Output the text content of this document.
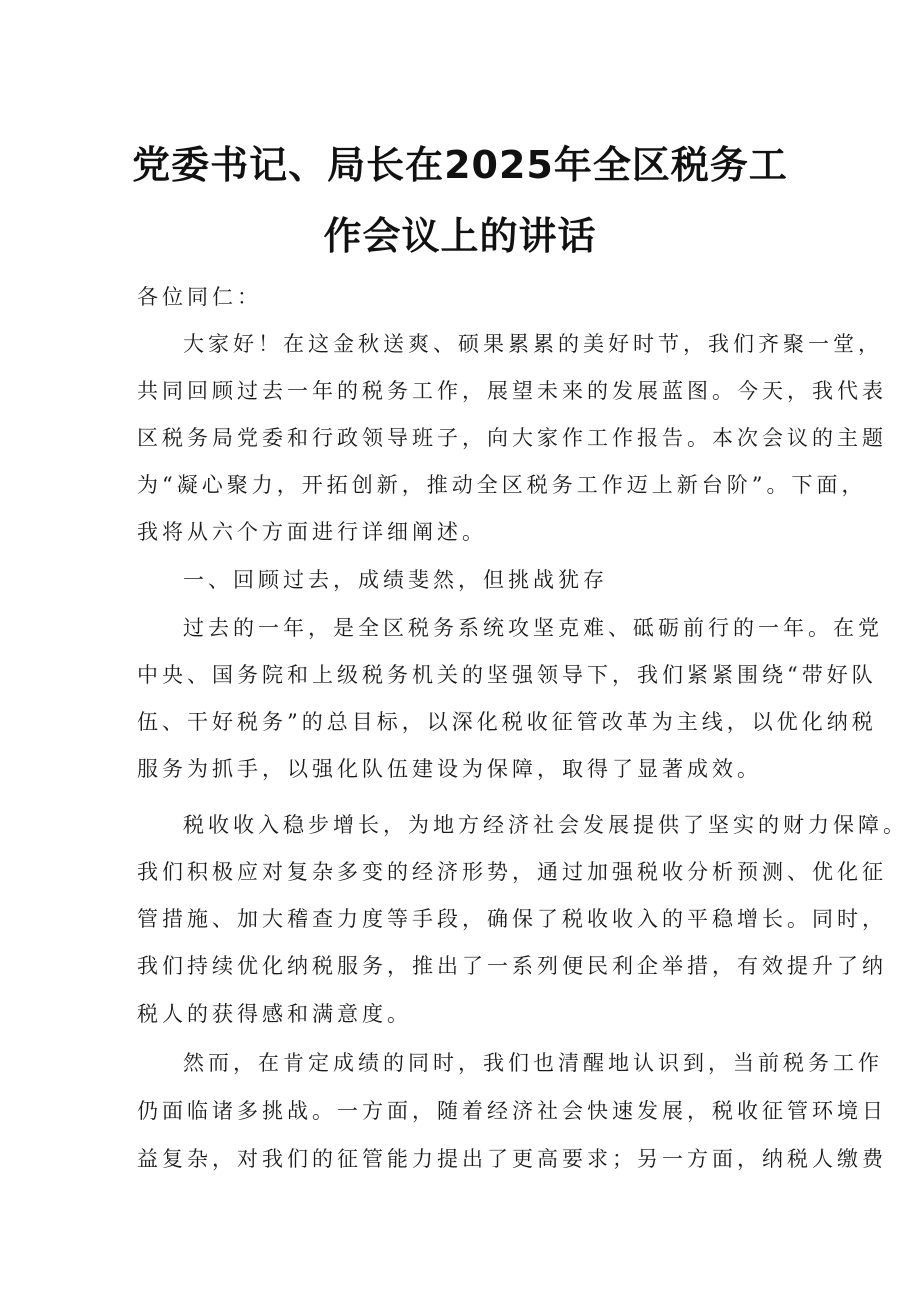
党委书记、局长在2025年全区税务工
作会议上的讲话
各位同仁：
大家好！在这金秋送爽、硕果累累的美好时节，我们齐聚一堂，
共同回顾过去一年的税务工作，展望未来的发展蓝图。今天，我代表
区税务局党委和行政领导班子，向大家作工作报告。本次会议的主题
为“凝心聚力，开拓创新，推动全区税务工作迈上新台阶”。下面，
我将从六个方面进行详细阐述。
一、回顾过去，成绩斐然，但挑战犹存
过去的一年，是全区税务系统攻坚克难、砥砺前行的一年。在党
中央、国务院和上级税务机关的坚强领导下，我们紧紧围绕“带好队
伍、干好税务”的总目标，以深化税收征管改革为主线，以优化纳税
服务为抓手，以强化队伍建设为保障，取得了显著成效。
税收收入稳步增长，为地方经济社会发展提供了坚实的财力保障。
我们积极应对复杂多变的经济形势，通过加强税收分析预测、优化征
管措施、加大稽查力度等手段，确保了税收收入的平稳增长。同时，
我们持续优化纳税服务，推出了一系列便民利企举措，有效提升了纳
税人的获得感和满意度。
然而，在肯定成绩的同时，我们也清醒地认识到，当前税务工作
仍面临诸多挑战。一方面，随着经济社会快速发展，税收征管环境日
益复杂，对我们的征管能力提出了更高要求；另一方面，纳税人缴费
